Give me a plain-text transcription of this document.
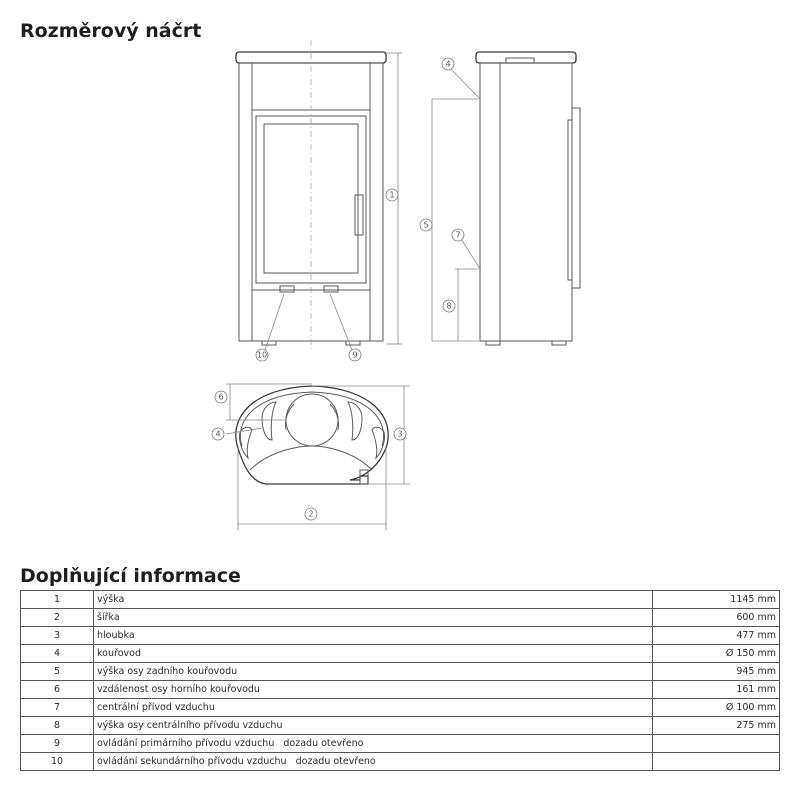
Rozměrový náčrt
1
10	9
4
5
7
8
6
4	3
2
Doplňující informace
1	výška	1145 mm
2	šířka	600 mm
3	hloubka	477 mm
4	kouřovod	Ø 150 mm
5	výška osy zadního kouřovodu	945 mm
6	vzdálenost osy horního kouřovodu	161 mm
7	centrální přívod vzduchu	Ø 100 mm
8	výška osy centrálního přívodu vzduchu	275 mm
9	ovládání primárního přívodu vzduchu   dozadu otevřeno	
10	ovládání sekundárního přívodu vzduchu   dozadu otevřeno	
